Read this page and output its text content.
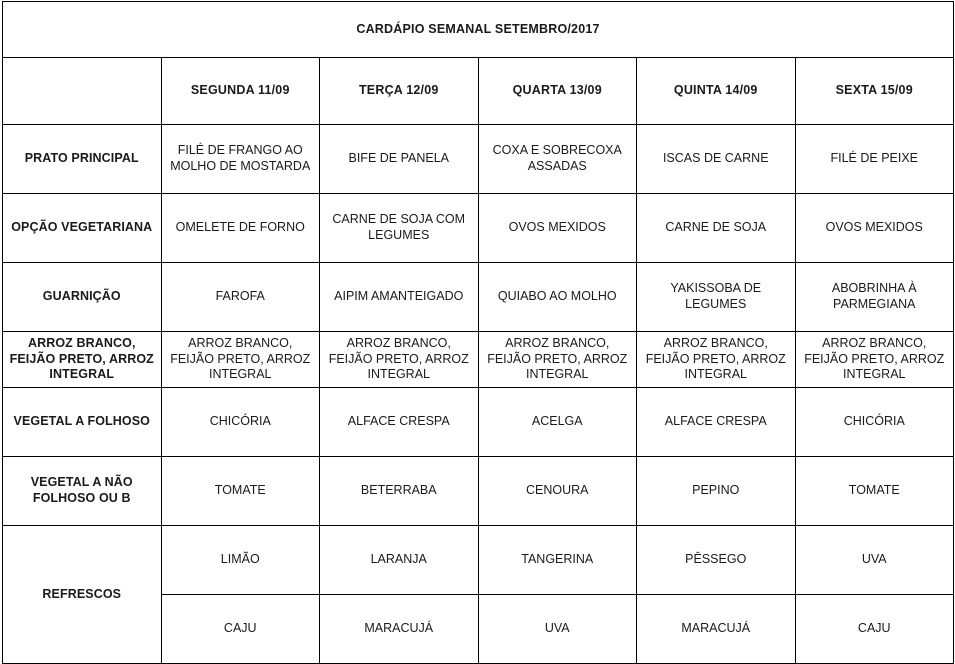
CARDÁPIO SEMANAL SETEMBRO/2017					
	SEGUNDA 11/09	TERÇA 12/09	QUARTA 13/09	QUINTA 14/09	SEXTA 15/09
PRATO PRINCIPAL	FILÉ DE FRANGO AO MOLHO DE MOSTARDA	BIFE DE PANELA	COXA E SOBRECOXA ASSADAS	ISCAS DE CARNE	FILÉ DE PEIXE
OPÇÃO VEGETARIANA	OMELETE DE FORNO	CARNE DE SOJA COM LEGUMES	OVOS MEXIDOS	CARNE DE SOJA	OVOS MEXIDOS
GUARNIÇÃO	FAROFA	AIPIM AMANTEIGADO	QUIABO AO MOLHO	YAKISSOBA DE LEGUMES	ABOBRINHA À PARMEGIANA
ARROZ BRANCO, FEIJÃO PRETO, ARROZ INTEGRAL	ARROZ BRANCO, FEIJÃO PRETO, ARROZ INTEGRAL	ARROZ BRANCO, FEIJÃO PRETO, ARROZ INTEGRAL	ARROZ BRANCO, FEIJÃO PRETO, ARROZ INTEGRAL	ARROZ BRANCO, FEIJÃO PRETO, ARROZ INTEGRAL	ARROZ BRANCO, FEIJÃO PRETO, ARROZ INTEGRAL
VEGETAL A FOLHOSO	CHICÓRIA	ALFACE CRESPA	ACELGA	ALFACE CRESPA	CHICÓRIA
VEGETAL A NÃO FOLHOSO OU B	TOMATE	BETERRABA	CENOURA	PEPINO	TOMATE
REFRESCOS	LIMÃO	LARANJA	TANGERINA	PÊSSEGO	UVA
	CAJU	MARACUJÁ	UVA	MARACUJÁ	CAJU
